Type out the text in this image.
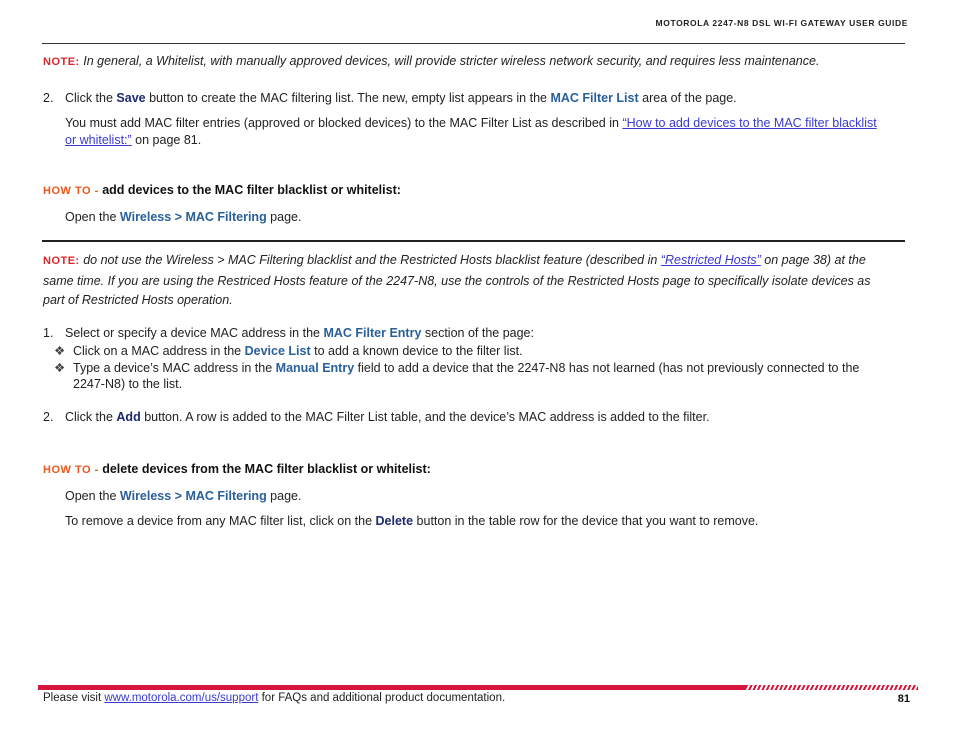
MOTOROLA 2247-N8 DSL WI-FI GATEWAY USER GUIDE
NOTE: In general, a Whitelist, with manually approved devices, will provide stricter wireless network security, and requires less maintenance.
2. Click the Save button to create the MAC filtering list. The new, empty list appears in the MAC Filter List area of the page.
You must add MAC filter entries (approved or blocked devices) to the MAC Filter List as described in “How to add devices to the MAC filter blacklist
or whitelist:” on page 81.
HOW TO - add devices to the MAC filter blacklist or whitelist:
Open the Wireless > MAC Filtering page.
NOTE: do not use the Wireless > MAC Filtering blacklist and the Restricted Hosts blacklist feature (described in “Restricted Hosts” on page 38) at the
same time. If you are using the Restriced Hosts feature of the 2247-N8, use the controls of the Restricted Hosts page to specifically isolate devices as
part of Restricted Hosts operation.
1. Select or specify a device MAC address in the MAC Filter Entry section of the page:
❖ Click on a MAC address in the Device List to add a known device to the filter list.
❖ Type a device’s MAC address in the Manual Entry field to add a device that the 2247-N8 has not learned (has not previously connected to the
2247-N8) to the list.
2. Click the Add button. A row is added to the MAC Filter List table, and the device’s MAC address is added to the filter.
HOW TO - delete devices from the MAC filter blacklist or whitelist:
Open the Wireless > MAC Filtering page.
To remove a device from any MAC filter list, click on the Delete button in the table row for the device that you want to remove.
Please visit www.motorola.com/us/support for FAQs and additional product documentation.	81
